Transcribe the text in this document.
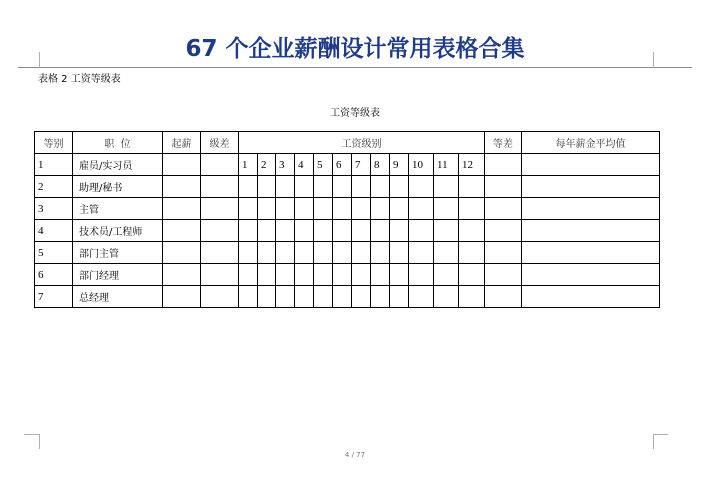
67 个企业薪酬设计常用表格合集
表格 2 工资等级表
工资等级表
等别	职  位	起薪	级差	工资级别												等差	每年薪金平均值
1	雇员/实习员			1	2	3	4	5	6	7	8	9	10	11	12		
2	助理/秘书																
3	主管																
4	技术员/工程师																
5	部门主管																
6	部门经理																
7	总经理																
4 / 77
